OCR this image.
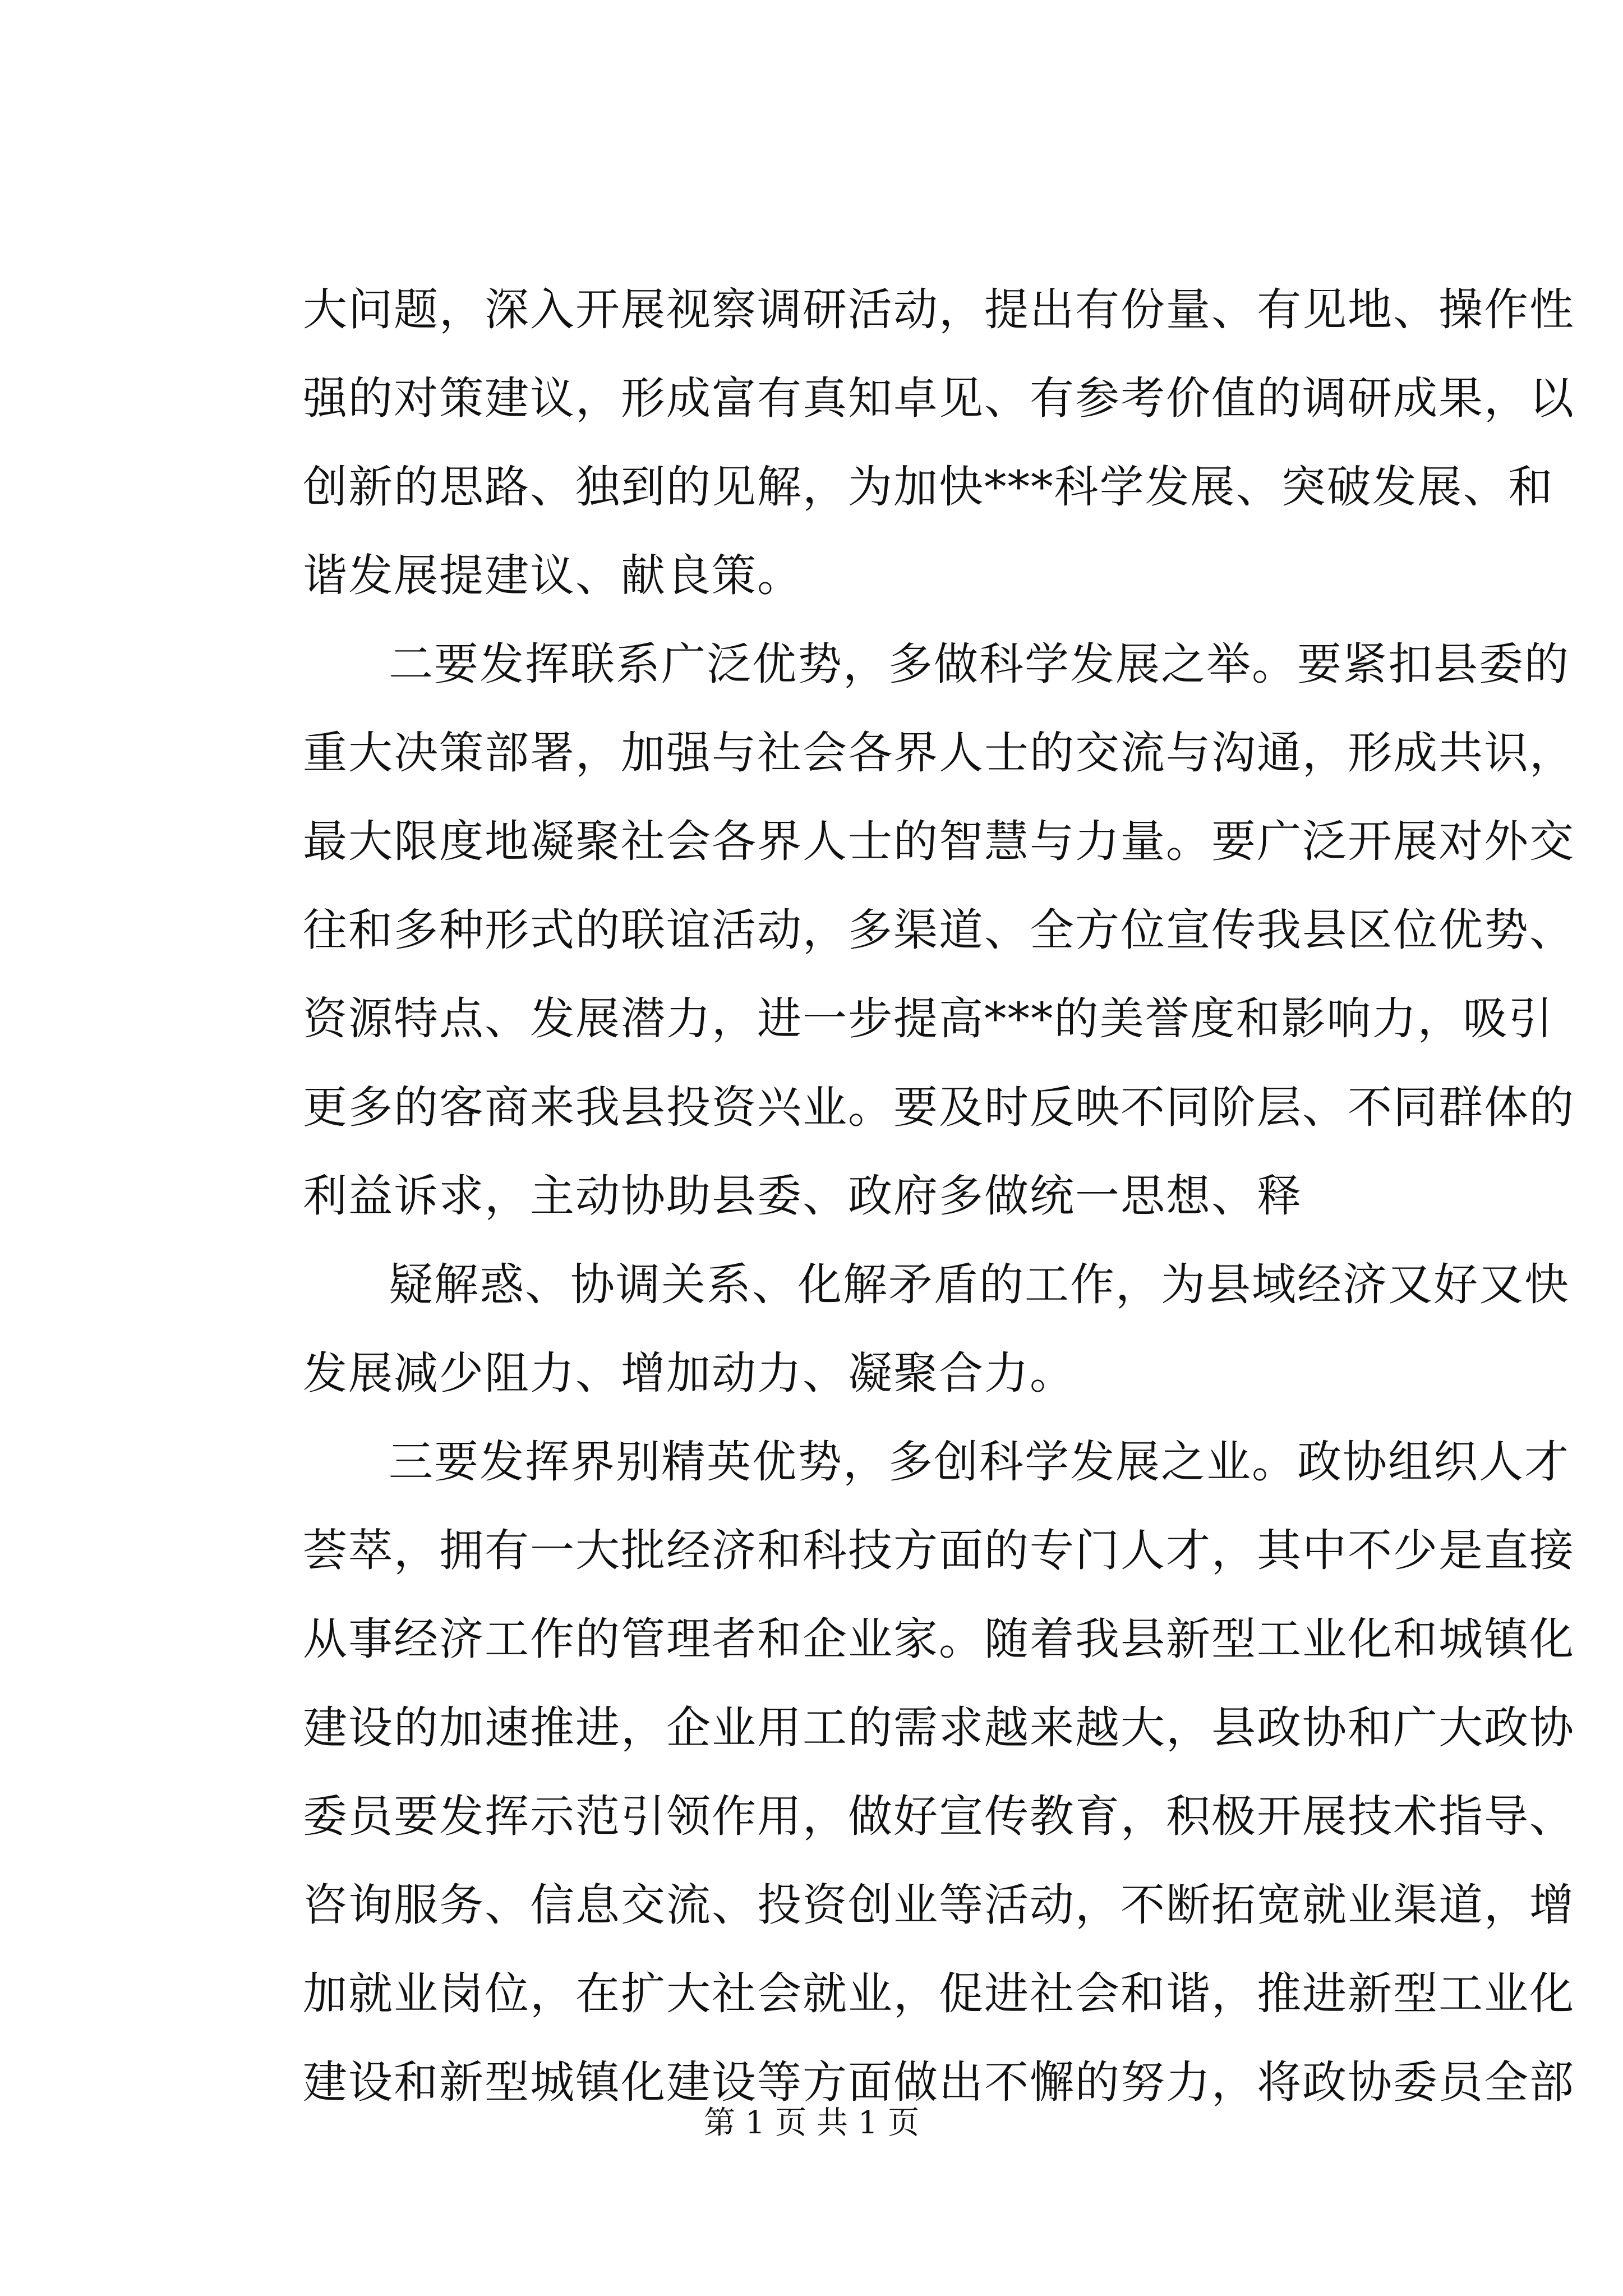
大问题，深入开展视察调研活动，提出有份量、有见地、操作性
强的对策建议，形成富有真知卓见、有参考价值的调研成果，以
创新的思路、独到的见解，为加快***科学发展、突破发展、和
谐发展提建议、献良策。
二要发挥联系广泛优势，多做科学发展之举。要紧扣县委的
重大决策部署，加强与社会各界人士的交流与沟通，形成共识，
最大限度地凝聚社会各界人士的智慧与力量。要广泛开展对外交
往和多种形式的联谊活动，多渠道、全方位宣传我县区位优势、
资源特点、发展潜力，进一步提高***的美誉度和影响力，吸引
更多的客商来我县投资兴业。要及时反映不同阶层、不同群体的
利益诉求，主动协助县委、政府多做统一思想、释
疑解惑、协调关系、化解矛盾的工作，为县域经济又好又快
发展减少阻力、增加动力、凝聚合力。
三要发挥界别精英优势，多创科学发展之业。政协组织人才
荟萃，拥有一大批经济和科技方面的专门人才，其中不少是直接
从事经济工作的管理者和企业家。随着我县新型工业化和城镇化
建设的加速推进，企业用工的需求越来越大，县政协和广大政协
委员要发挥示范引领作用，做好宣传教育，积极开展技术指导、
咨询服务、信息交流、投资创业等活动，不断拓宽就业渠道，增
加就业岗位，在扩大社会就业，促进社会和谐，推进新型工业化
建设和新型城镇化建设等方面做出不懈的努力，将政协委员全部
第 1 页 共 1 页
